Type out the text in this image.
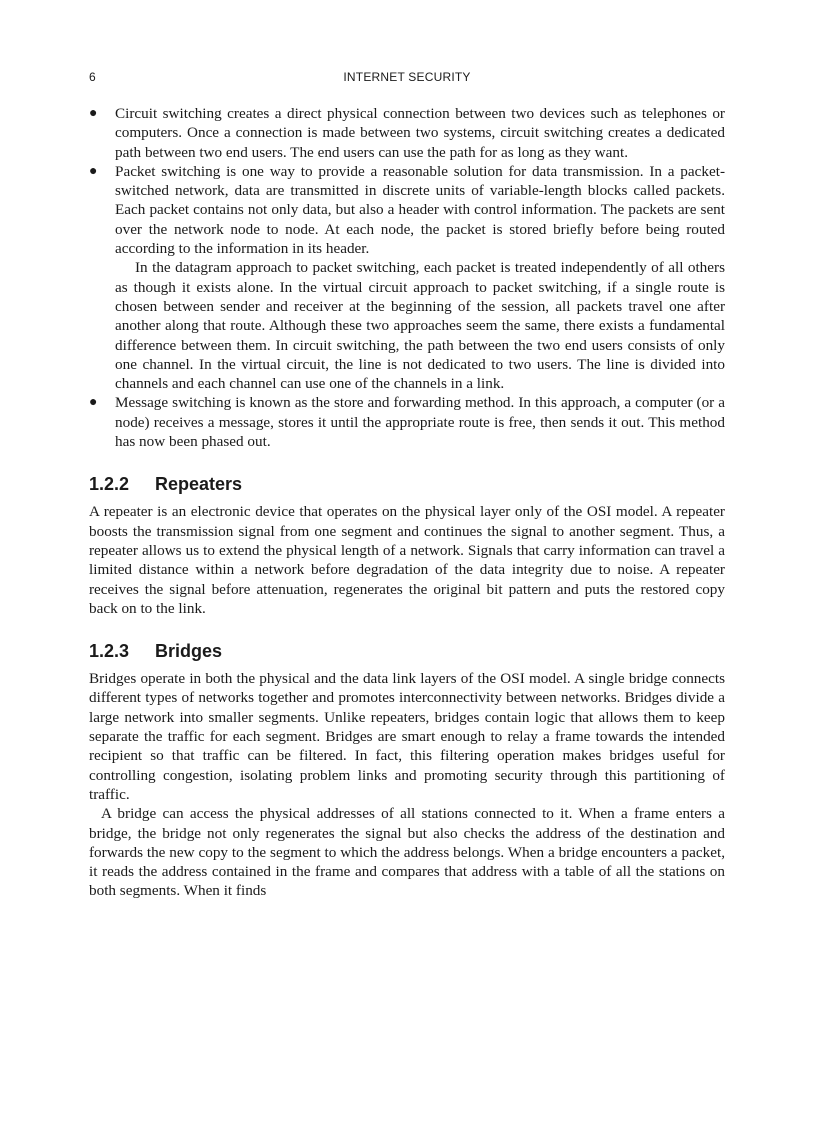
6	INTERNET SECURITY
● Circuit switching creates a direct physical connection between two devices such as telephones or computers. Once a connection is made between two systems, circuit switching creates a dedicated path between two end users. The end users can use the path for as long as they want.

● Packet switching is one way to provide a reasonable solution for data transmission. In a packet-switched network, data are transmitted in discrete units of variable-length blocks called packets. Each packet contains not only data, but also a header with control information. The packets are sent over the network node to node. At each node, the packet is stored briefly before being routed according to the information in its header.

In the datagram approach to packet switching, each packet is treated independently of all others as though it exists alone. In the virtual circuit approach to packet switching, if a single route is chosen between sender and receiver at the beginning of the session, all packets travel one after another along that route. Although these two approaches seem the same, there exists a fundamental difference between them. In circuit switching, the path between the two end users consists of only one channel. In the virtual circuit, the line is not dedicated to two users. The line is divided into channels and each channel can use one of the channels in a link.

● Message switching is known as the store and forwarding method. In this approach, a computer (or a node) receives a message, stores it until the appropriate route is free, then sends it out. This method has now been phased out.

1.2.2 Repeaters

A repeater is an electronic device that operates on the physical layer only of the OSI model. A repeater boosts the transmission signal from one segment and continues the signal to another segment. Thus, a repeater allows us to extend the physical length of a network. Signals that carry information can travel a limited distance within a network before degradation of the data integrity due to noise. A repeater receives the signal before attenuation, regenerates the original bit pattern and puts the restored copy back on to the link.

1.2.3 Bridges

Bridges operate in both the physical and the data link layers of the OSI model. A single bridge connects different types of networks together and promotes interconnectivity between networks. Bridges divide a large network into smaller segments. Unlike repeaters, bridges contain logic that allows them to keep separate the traffic for each segment. Bridges are smart enough to relay a frame towards the intended recipient so that traffic can be filtered. In fact, this filtering operation makes bridges useful for controlling congestion, isolating problem links and promoting security through this partitioning of traffic.

A bridge can access the physical addresses of all stations connected to it. When a frame enters a bridge, the bridge not only regenerates the signal but also checks the address of the destination and forwards the new copy to the segment to which the address belongs. When a bridge encounters a packet, it reads the address contained in the frame and compares that address with a table of all the stations on both segments. When it finds
